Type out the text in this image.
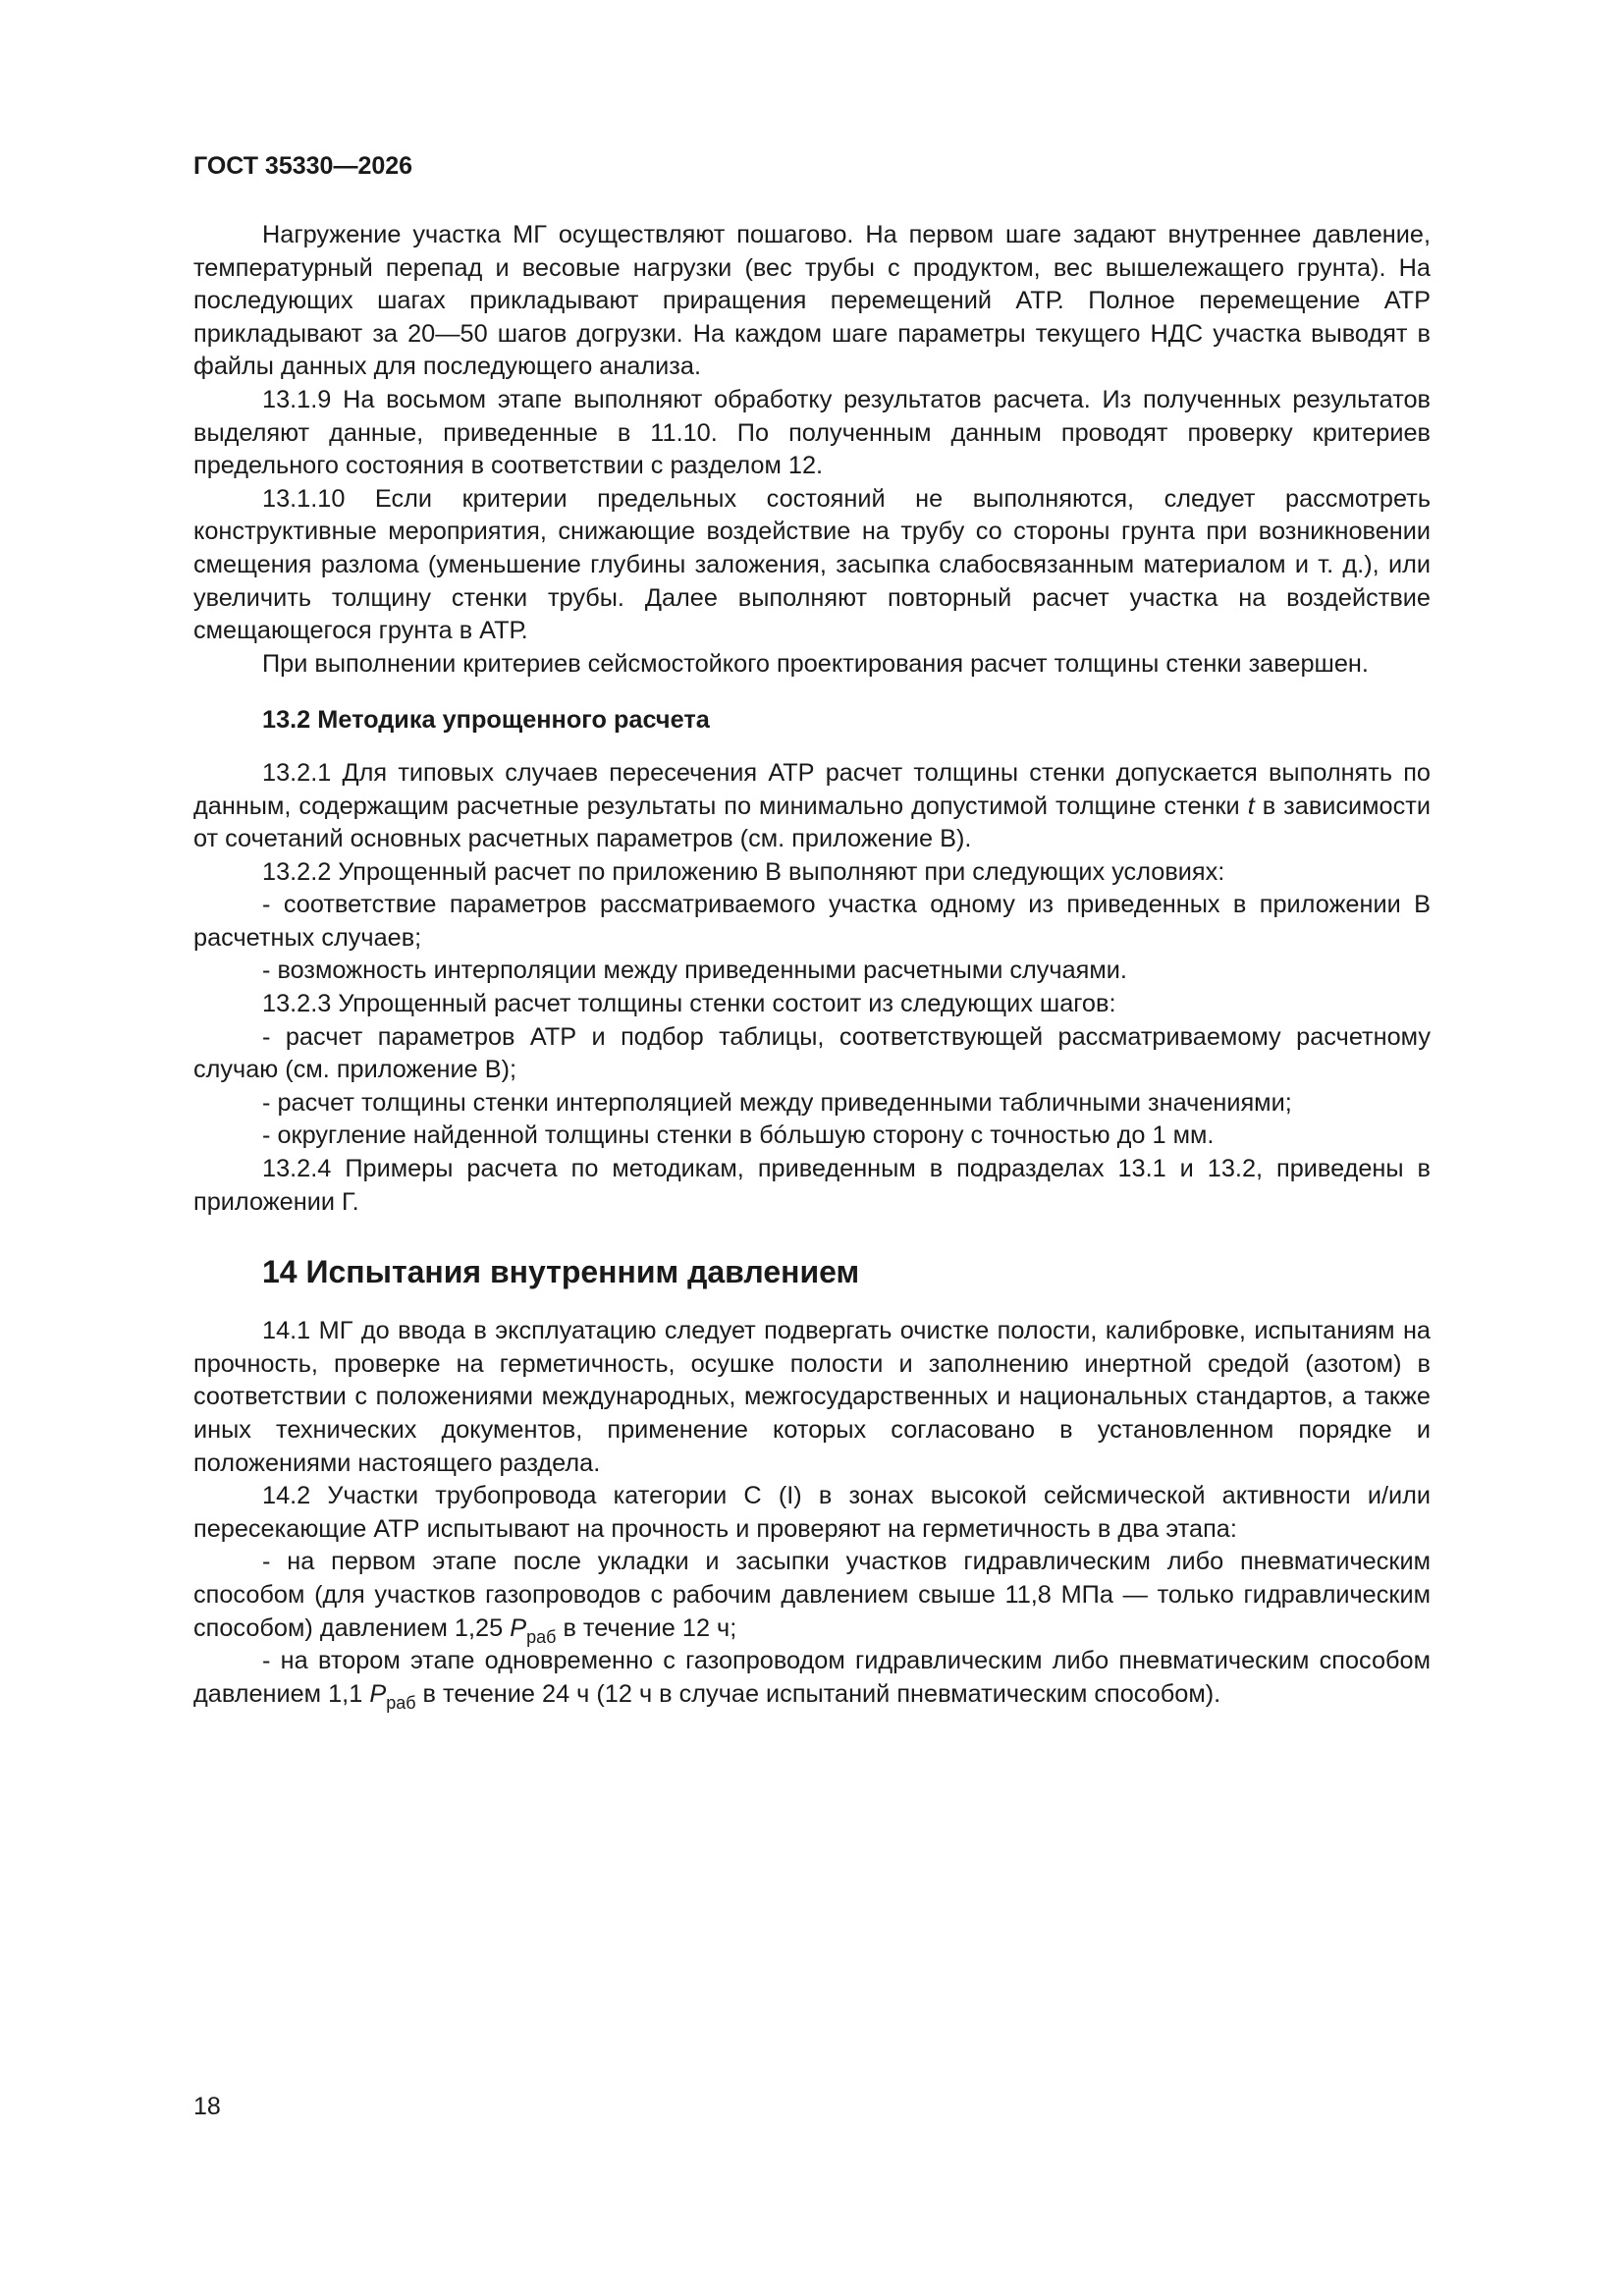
ГОСТ 35330—2026

Нагружение участка МГ осуществляют пошагово. На первом шаге задают внутреннее давление, температурный перепад и весовые нагрузки (вес трубы с продуктом, вес вышележащего грунта). На последующих шагах прикладывают приращения перемещений АТР. Полное перемещение АТР прикладывают за 20—50 шагов догрузки. На каждом шаге параметры текущего НДС участка выводят в файлы данных для последующего анализа.

13.1.9 На восьмом этапе выполняют обработку результатов расчета. Из полученных результатов выделяют данные, приведенные в 11.10. По полученным данным проводят проверку критериев предельного состояния в соответствии с разделом 12.

13.1.10 Если критерии предельных состояний не выполняются, следует рассмотреть конструктивные мероприятия, снижающие воздействие на трубу со стороны грунта при возникновении смещения разлома (уменьшение глубины заложения, засыпка слабосвязанным материалом и т. д.), или увеличить толщину стенки трубы. Далее выполняют повторный расчет участка на воздействие смещающегося грунта в АТР.

При выполнении критериев сейсмостойкого проектирования расчет толщины стенки завершен.

13.2 Методика упрощенного расчета

13.2.1 Для типовых случаев пересечения АТР расчет толщины стенки допускается выполнять по данным, содержащим расчетные результаты по минимально допустимой толщине стенки t в зависимости от сочетаний основных расчетных параметров (см. приложение В).

13.2.2 Упрощенный расчет по приложению В выполняют при следующих условиях:

- соответствие параметров рассматриваемого участка одному из приведенных в приложении В расчетных случаев;

- возможность интерполяции между приведенными расчетными случаями.

13.2.3 Упрощенный расчет толщины стенки состоит из следующих шагов:

- расчет параметров АТР и подбор таблицы, соответствующей рассматриваемому расчетному случаю (см. приложение В);

- расчет толщины стенки интерполяцией между приведенными табличными значениями;

- округление найденной толщины стенки в бóльшую сторону с точностью до 1 мм.

13.2.4 Примеры расчета по методикам, приведенным в подразделах 13.1 и 13.2, приведены в приложении Г.

14 Испытания внутренним давлением

14.1 МГ до ввода в эксплуатацию следует подвергать очистке полости, калибровке, испытаниям на прочность, проверке на герметичность, осушке полости и заполнению инертной средой (азотом) в соответствии с положениями международных, межгосударственных и национальных стандартов, а также иных технических документов, применение которых согласовано в установленном порядке и положениями настоящего раздела.

14.2 Участки трубопровода категории С (I) в зонах высокой сейсмической активности и/или пересекающие АТР испытывают на прочность и проверяют на герметичность в два этапа:

- на первом этапе после укладки и засыпки участков гидравлическим либо пневматическим способом (для участков газопроводов с рабочим давлением свыше 11,8 МПа — только гидравлическим способом) давлением 1,25 $P_{раб}$ в течение 12 ч;

- на втором этапе одновременно с газопроводом гидравлическим либо пневматическим способом давлением 1,1 $P_{раб}$ в течение 24 ч (12 ч в случае испытаний пневматическим способом).

18
